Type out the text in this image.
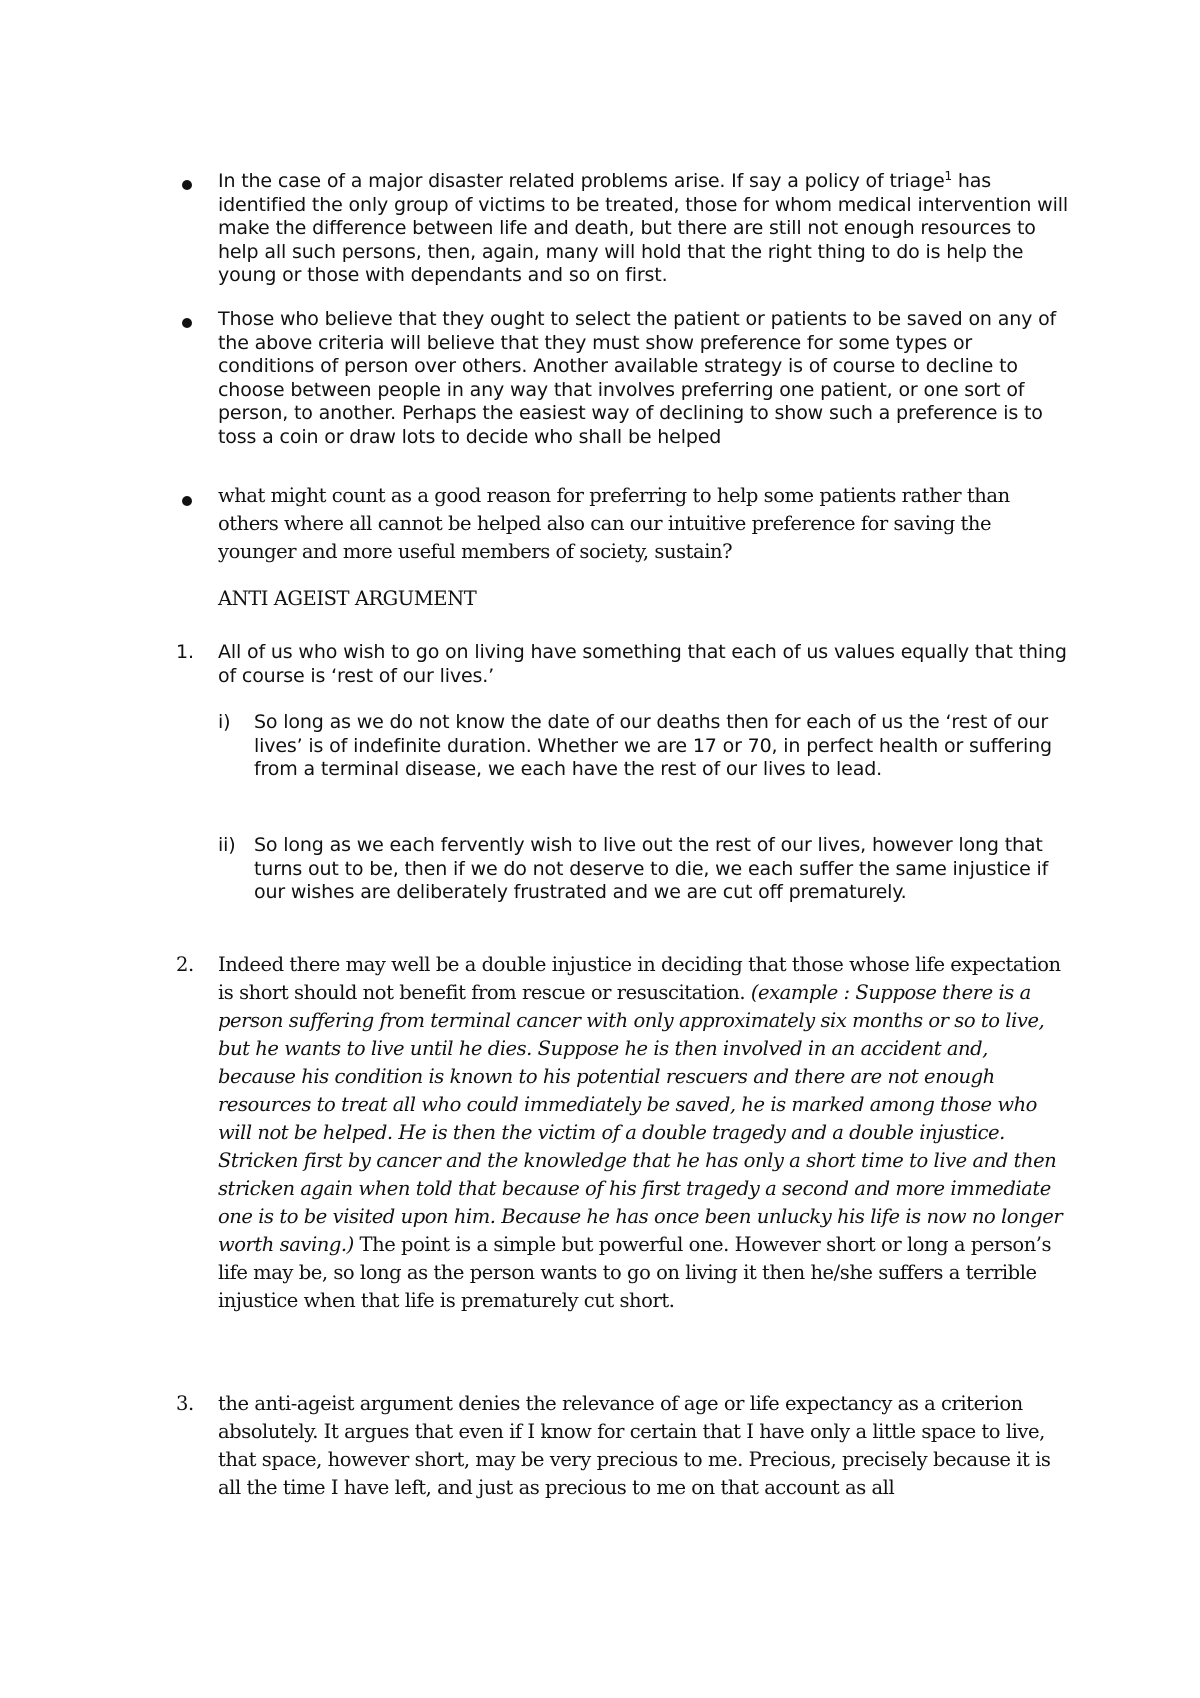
In the case of a major disaster related problems arise. If say a policy of triage$^1$ has identified the only group of victims to be treated, those for whom medical intervention will make the difference between life and death, but there are still not enough resources to help all such persons, then, again, many will hold that the right thing to do is help the young or those with dependants and so on first.

Those who believe that they ought to select the patient or patients to be saved on any of the above criteria will believe that they must show preference for some types or conditions of person over others. Another available strategy is of course to decline to choose between people in any way that involves preferring one patient, or one sort of person, to another. Perhaps the easiest way of declining to show such a preference is to toss a coin or draw lots to decide who shall be helped

what might count as a good reason for preferring to help some patients rather than others where all cannot be helped also can our intuitive preference for saving the younger and more useful members of society, sustain?

ANTI AGEIST ARGUMENT

1. All of us who wish to go on living have something that each of us values equally that thing of course is ‘rest of our lives.’

i) So long as we do not know the date of our deaths then for each of us the ‘rest of our lives’ is of indefinite duration. Whether we are 17 or 70, in perfect health or suffering from a terminal disease, we each have the rest of our lives to lead.

ii) So long as we each fervently wish to live out the rest of our lives, however long that turns out to be, then if we do not deserve to die, we each suffer the same injustice if our wishes are deliberately frustrated and we are cut off prematurely.

2. Indeed there may well be a double injustice in deciding that those whose life expectation is short should not benefit from rescue or resuscitation. (example : Suppose there is a person suffering from terminal cancer with only approximately six months or so to live, but he wants to live until he dies. Suppose he is then involved in an accident and, because his condition is known to his potential rescuers and there are not enough resources to treat all who could immediately be saved, he is marked among those who will not be helped. He is then the victim of a double tragedy and a double injustice. Stricken first by cancer and the knowledge that he has only a short time to live and then stricken again when told that because of his first tragedy a second and more immediate one is to be visited upon him. Because he has once been unlucky his life is now no longer worth saving.) The point is a simple but powerful one. However short or long a person’s life may be, so long as the person wants to go on living it then he/she suffers a terrible injustice when that life is prematurely cut short.

3. the anti-ageist argument denies the relevance of age or life expectancy as a criterion absolutely. It argues that even if I know for certain that I have only a little space to live, that space, however short, may be very precious to me. Precious, precisely because it is all the time I have left, and just as precious to me on that account as all
